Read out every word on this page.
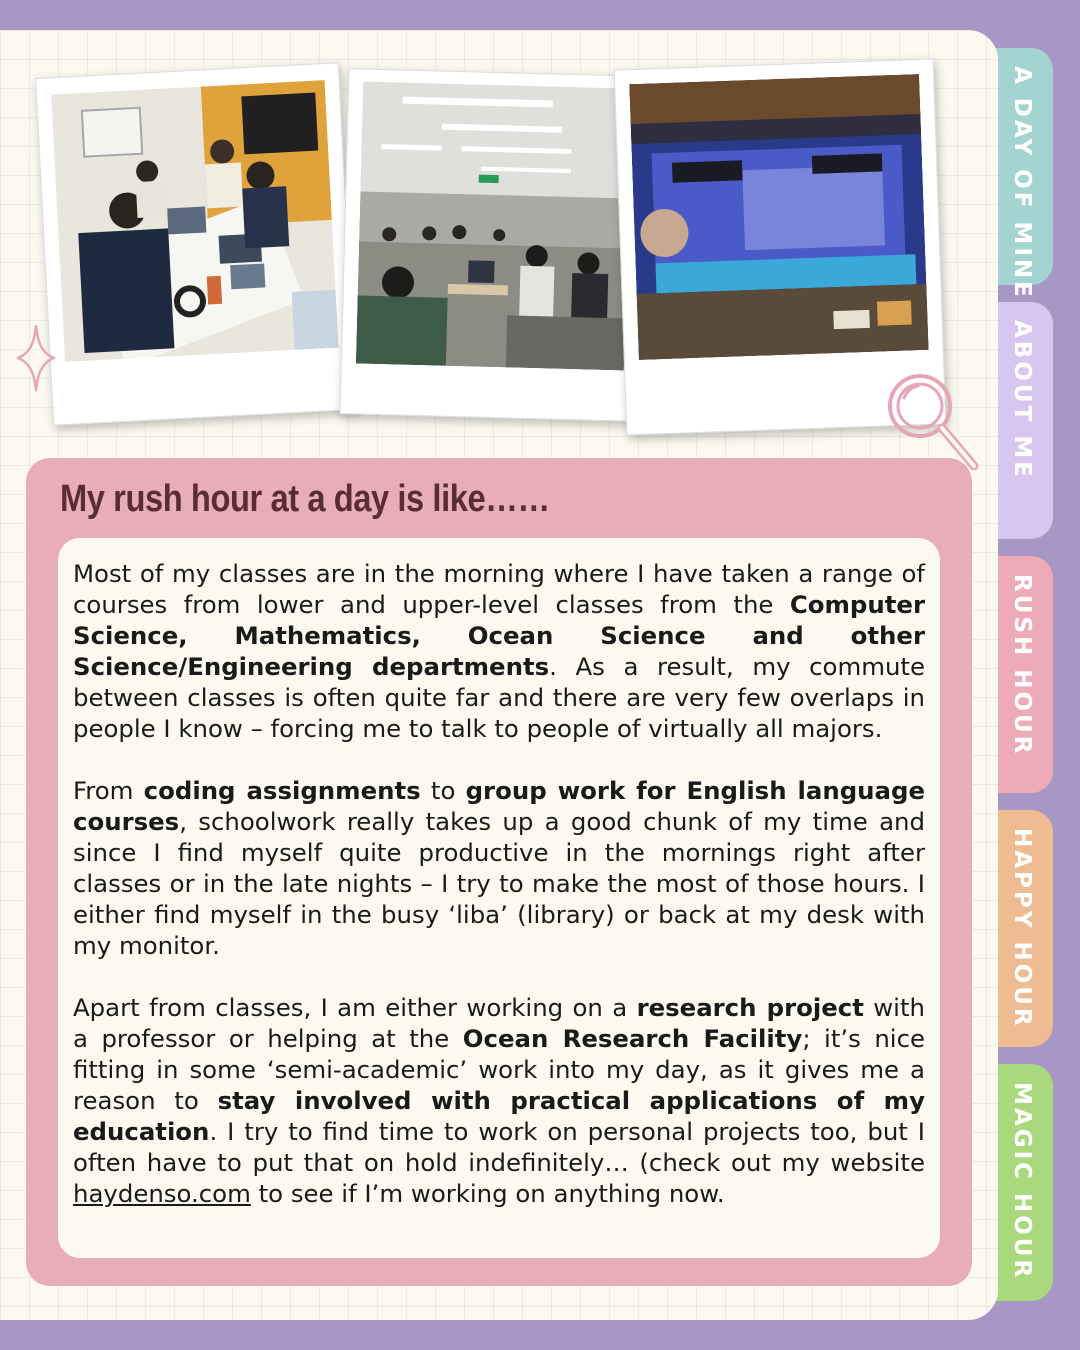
A DAY OF MINE
ABOUT ME
RUSH HOUR
HAPPY HOUR
MAGIC HOUR
My rush hour at a day is like……

Most of my classes are in the morning where I have taken a range of courses from lower and upper-level classes from the Computer Science, Mathematics, Ocean Science and other Science/Engineering departments. As a result, my commute between classes is often quite far and there are very few overlaps in people I know – forcing me to talk to people of virtually all majors.

From coding assignments to group work for English language courses, schoolwork really takes up a good chunk of my time and since I find myself quite productive in the mornings right after classes or in the late nights – I try to make the most of those hours. I either find myself in the busy ‘liba’ (library) or back at my desk with my monitor.

Apart from classes, I am either working on a research project with a professor or helping at the Ocean Research Facility; it’s nice fitting in some ‘semi-academic’ work into my day, as it gives me a reason to stay involved with practical applications of my education. I try to find time to work on personal projects too, but I often have to put that on hold indefinitely… (check out my website haydenso.com to see if I’m working on anything now.
